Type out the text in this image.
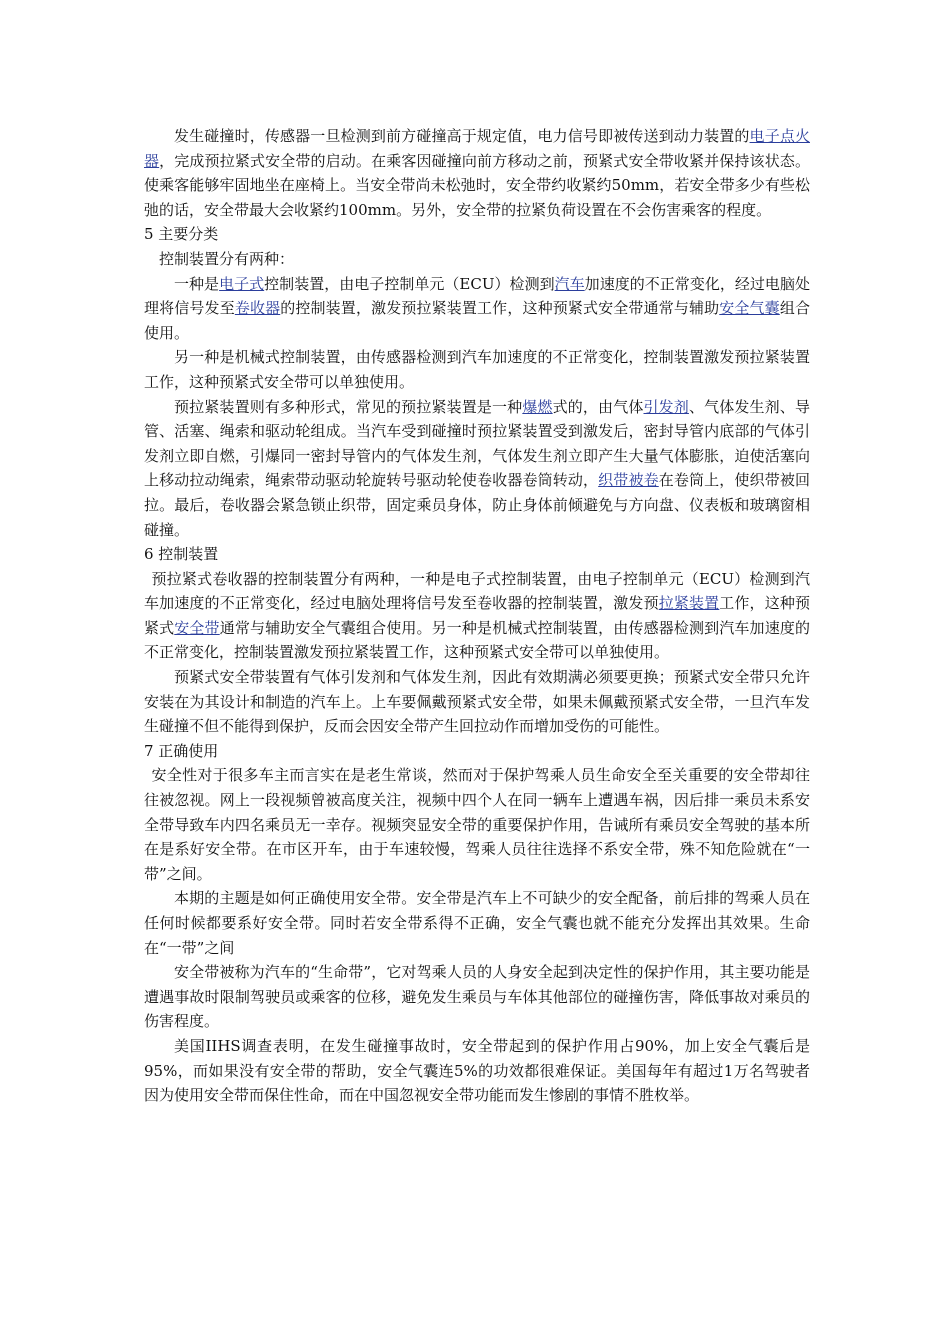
发生碰撞时，传感器一旦检测到前方碰撞高于规定值，电力信号即被传送到动力装置的电子点火器，完成预拉紧式安全带的启动。在乘客因碰撞向前方移动之前，预紧式安全带收紧并保持该状态。使乘客能够牢固地坐在座椅上。当安全带尚未松弛时，安全带约收紧约50mm，若安全带多少有些松弛的话，安全带最大会收紧约100mm。另外，安全带的拉紧负荷设置在不会伤害乘客的程度。

5 主要分类

控制装置分有两种：

一种是电子式控制装置，由电子控制单元（ECU）检测到汽车加速度的不正常变化，经过电脑处理将信号发至卷收器的控制装置，激发预拉紧装置工作，这种预紧式安全带通常与辅助安全气囊组合使用。

另一种是机械式控制装置，由传感器检测到汽车加速度的不正常变化，控制装置激发预拉紧装置工作，这种预紧式安全带可以单独使用。

预拉紧装置则有多种形式，常见的预拉紧装置是一种爆燃式的，由气体引发剂、气体发生剂、导管、活塞、绳索和驱动轮组成。当汽车受到碰撞时预拉紧装置受到激发后，密封导管内底部的气体引发剂立即自燃，引爆同一密封导管内的气体发生剂，气体发生剂立即产生大量气体膨胀，迫使活塞向上移动拉动绳索，绳索带动驱动轮旋转号驱动轮使卷收器卷筒转动，织带被卷在卷筒上，使织带被回拉。最后，卷收器会紧急锁止织带，固定乘员身体，防止身体前倾避免与方向盘、仪表板和玻璃窗相碰撞。

6 控制装置

预拉紧式卷收器的控制装置分有两种，一种是电子式控制装置，由电子控制单元（ECU）检测到汽车加速度的不正常变化，经过电脑处理将信号发至卷收器的控制装置，激发预拉紧装置工作，这种预紧式安全带通常与辅助安全气囊组合使用。另一种是机械式控制装置，由传感器检测到汽车加速度的不正常变化，控制装置激发预拉紧装置工作，这种预紧式安全带可以单独使用。

预紧式安全带装置有气体引发剂和气体发生剂，因此有效期满必须要更换；预紧式安全带只允许安装在为其设计和制造的汽车上。上车要佩戴预紧式安全带，如果未佩戴预紧式安全带，一旦汽车发生碰撞不但不能得到保护，反而会因安全带产生回拉动作而增加受伤的可能性。

7 正确使用

安全性对于很多车主而言实在是老生常谈，然而对于保护驾乘人员生命安全至关重要的安全带却往往被忽视。网上一段视频曾被高度关注，视频中四个人在同一辆车上遭遇车祸，因后排一乘员未系安全带导致车内四名乘员无一幸存。视频突显安全带的重要保护作用，告诫所有乘员安全驾驶的基本所在是系好安全带。在市区开车，由于车速较慢，驾乘人员往往选择不系安全带，殊不知危险就在“一带”之间。

本期的主题是如何正确使用安全带。安全带是汽车上不可缺少的安全配备，前后排的驾乘人员在任何时候都要系好安全带。同时若安全带系得不正确，安全气囊也就不能充分发挥出其效果。生命在“一带”之间

安全带被称为汽车的“生命带”，它对驾乘人员的人身安全起到决定性的保护作用，其主要功能是遭遇事故时限制驾驶员或乘客的位移，避免发生乘员与车体其他部位的碰撞伤害，降低事故对乘员的伤害程度。

美国IIHS调查表明，在发生碰撞事故时，安全带起到的保护作用占90%，加上安全气囊后是95%，而如果没有安全带的帮助，安全气囊连5%的功效都很难保证。美国每年有超过1万名驾驶者因为使用安全带而保住性命，而在中国忽视安全带功能而发生惨剧的事情不胜枚举。
